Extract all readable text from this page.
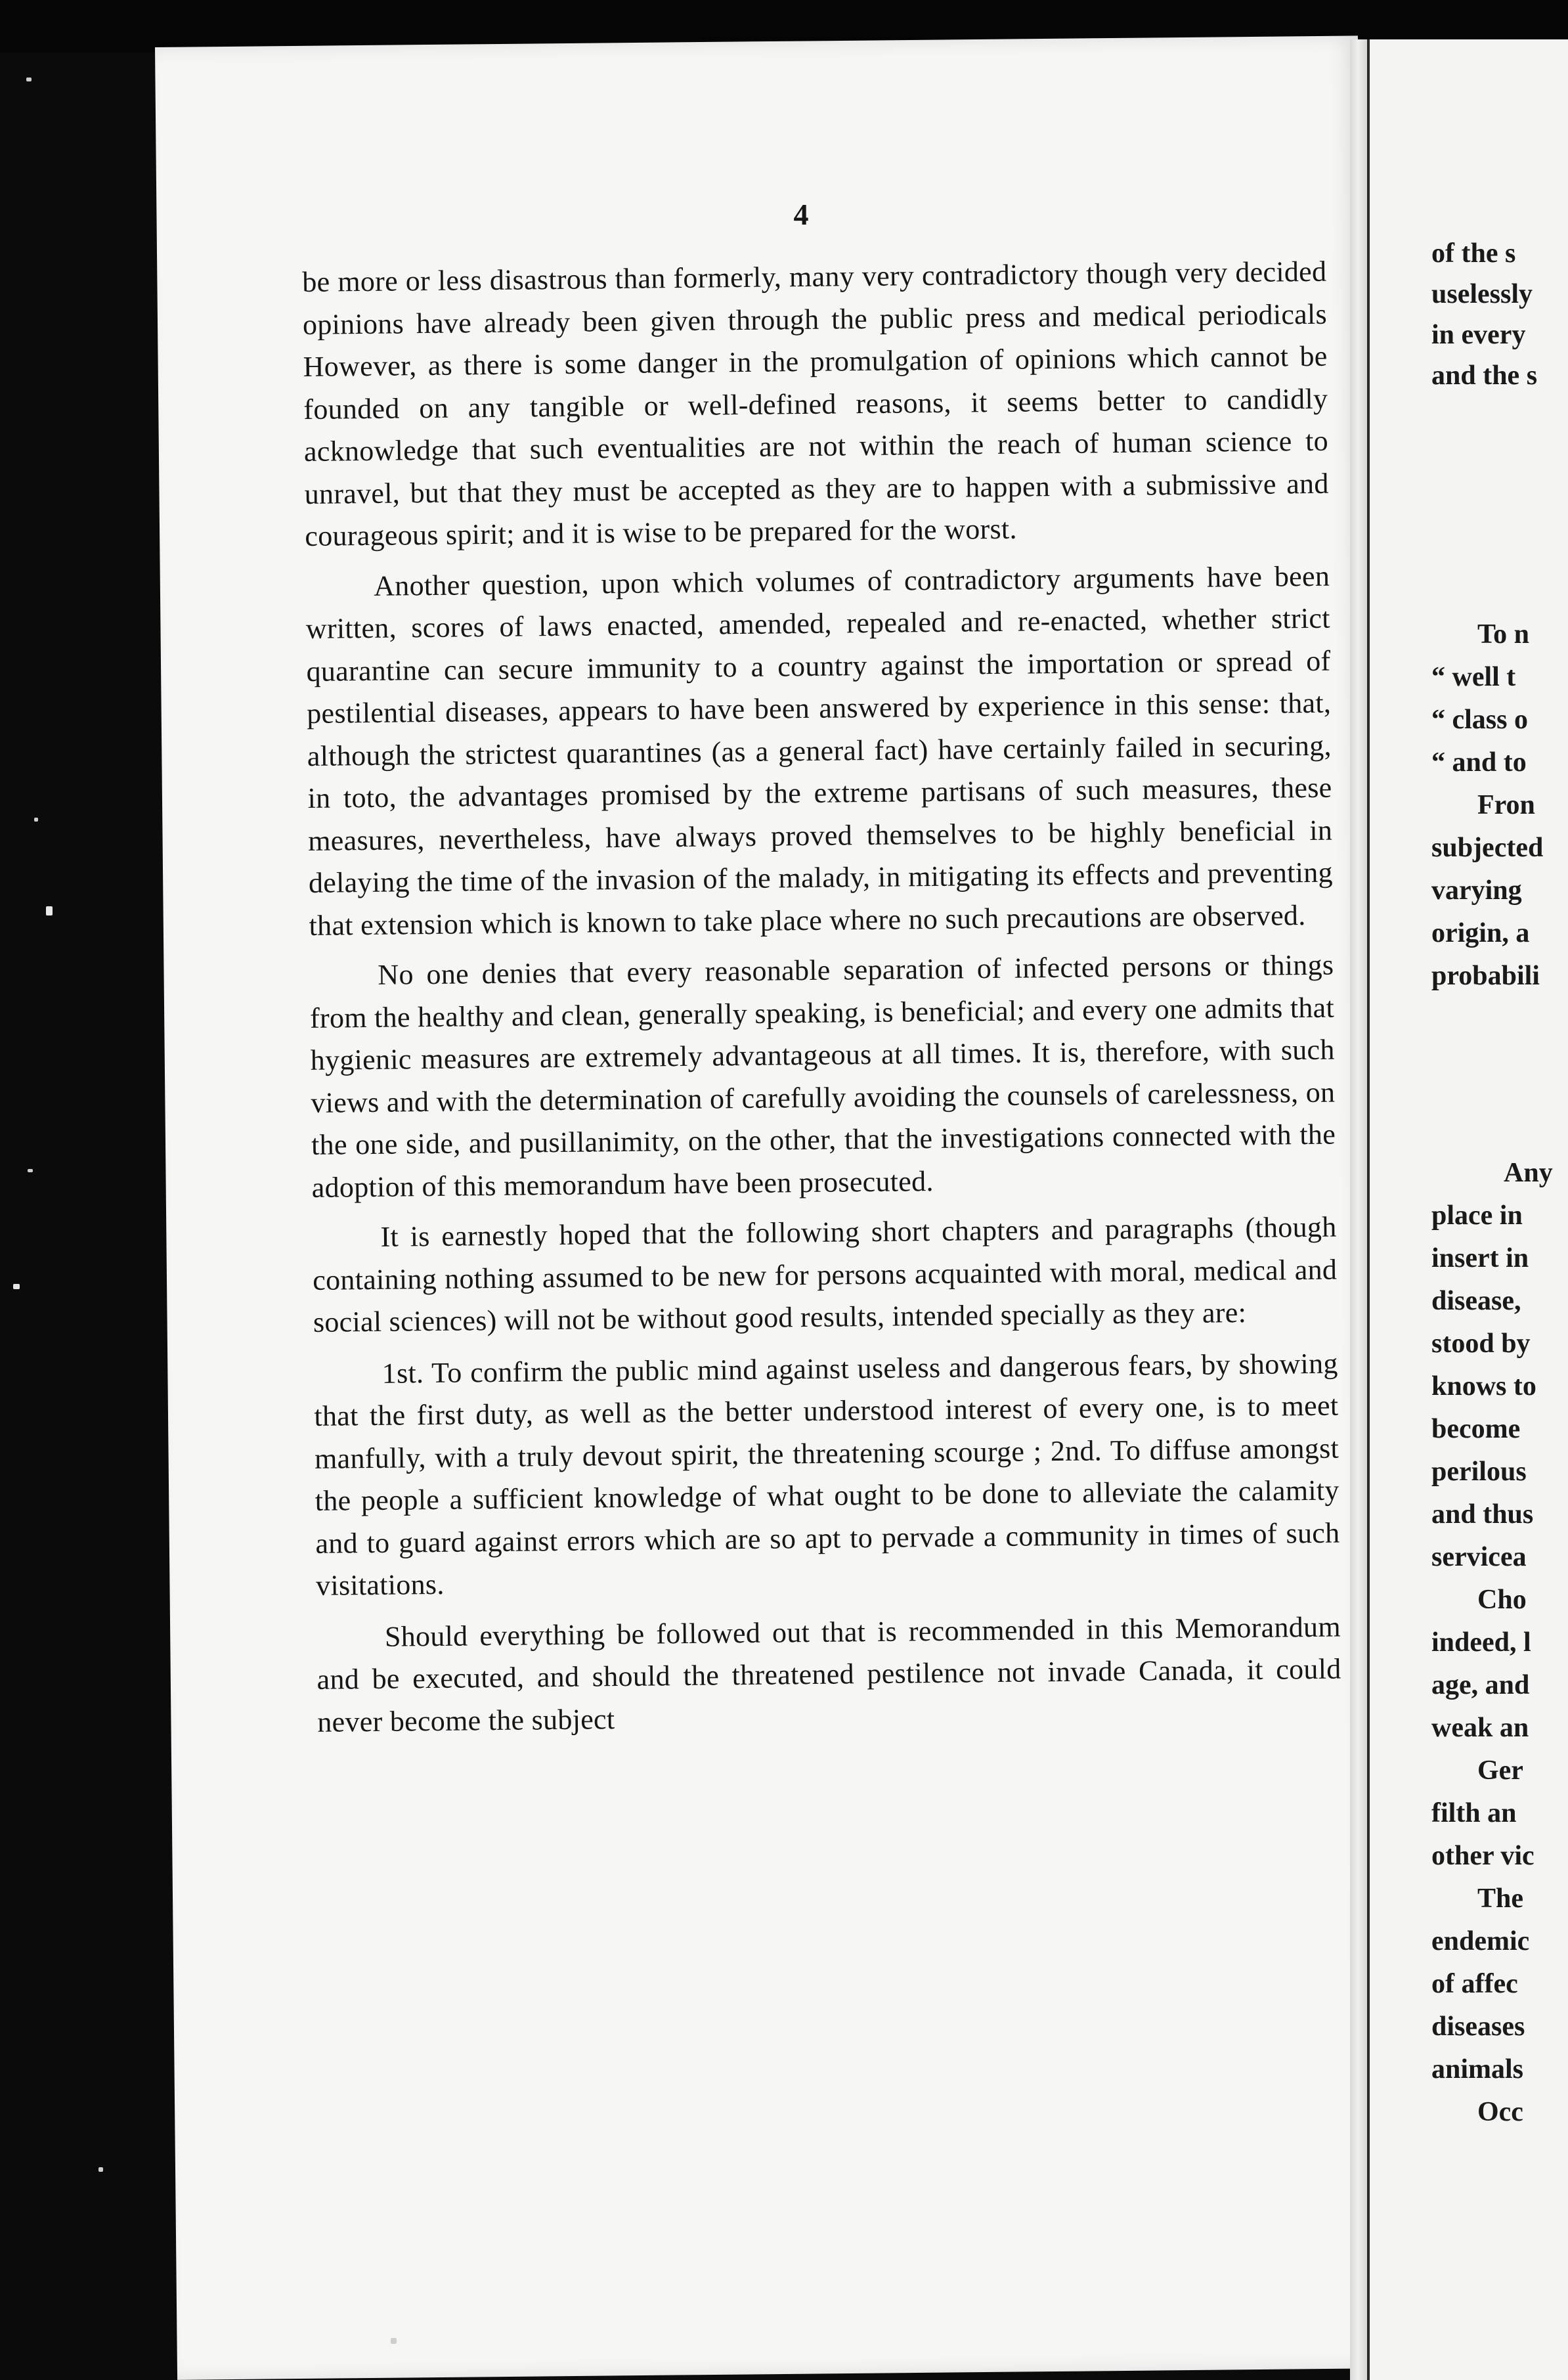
4

be more or less disastrous than formerly, many very contradictory though very decided opinions have already been given through the public press and medical periodicals However, as there is some danger in the promulgation of opinions which cannot be founded on any tangible or well-defined reasons, it seems better to candidly acknowledge that such eventualities are not within the reach of human science to unravel, but that they must be accepted as they are to happen with a submissive and courageous spirit; and it is wise to be prepared for the worst.

Another question, upon which volumes of contradictory arguments have been written, scores of laws enacted, amended, repealed and re-enacted, whether strict quarantine can secure immunity to a country against the importation or spread of pestilential diseases, appears to have been answered by experience in this sense: that, although the strictest quarantines (as a general fact) have certainly failed in securing, in toto, the advantages promised by the extreme partisans of such measures, these measures, nevertheless, have always proved themselves to be highly beneficial in delaying the time of the invasion of the malady, in mitigating its effects and preventing that extension which is known to take place where no such precautions are observed.

No one denies that every reasonable separation of infected persons or things from the healthy and clean, generally speaking, is beneficial; and every one admits that hygienic measures are extremely advantageous at all times. It is, therefore, with such views and with the determination of carefully avoiding the counsels of carelessness, on the one side, and pusillanimity, on the other, that the investigations connected with the adoption of this memorandum have been prosecuted.

It is earnestly hoped that the following short chapters and paragraphs (though containing nothing assumed to be new for persons acquainted with moral, medical and social sciences) will not be without good results, intended specially as they are:

1st. To confirm the public mind against useless and dangerous fears, by showing that the first duty, as well as the better understood interest of every one, is to meet manfully, with a truly devout spirit, the threatening scourge ; 2nd. To diffuse amongst the people a sufficient knowledge of what ought to be done to alleviate the calamity and to guard against errors which are so apt to pervade a community in times of such visitations.

Should everything be followed out that is recommended in this Memorandum and be executed, and should the threatened pestilence not invade Canada, it could never become the subject

of the s
uselessly
in every
and the s
To n
“ well t
“ class o
“ and to
Fron
subjected
varying
origin, a
probabili
Any
place in
insert in
disease,
stood by
knows to
become
perilous
and thus
servicea
Cho
indeed, l
age, and
weak an
Ger
filth an
other vic
The
endemic
of affec
diseases
animals
Occ
